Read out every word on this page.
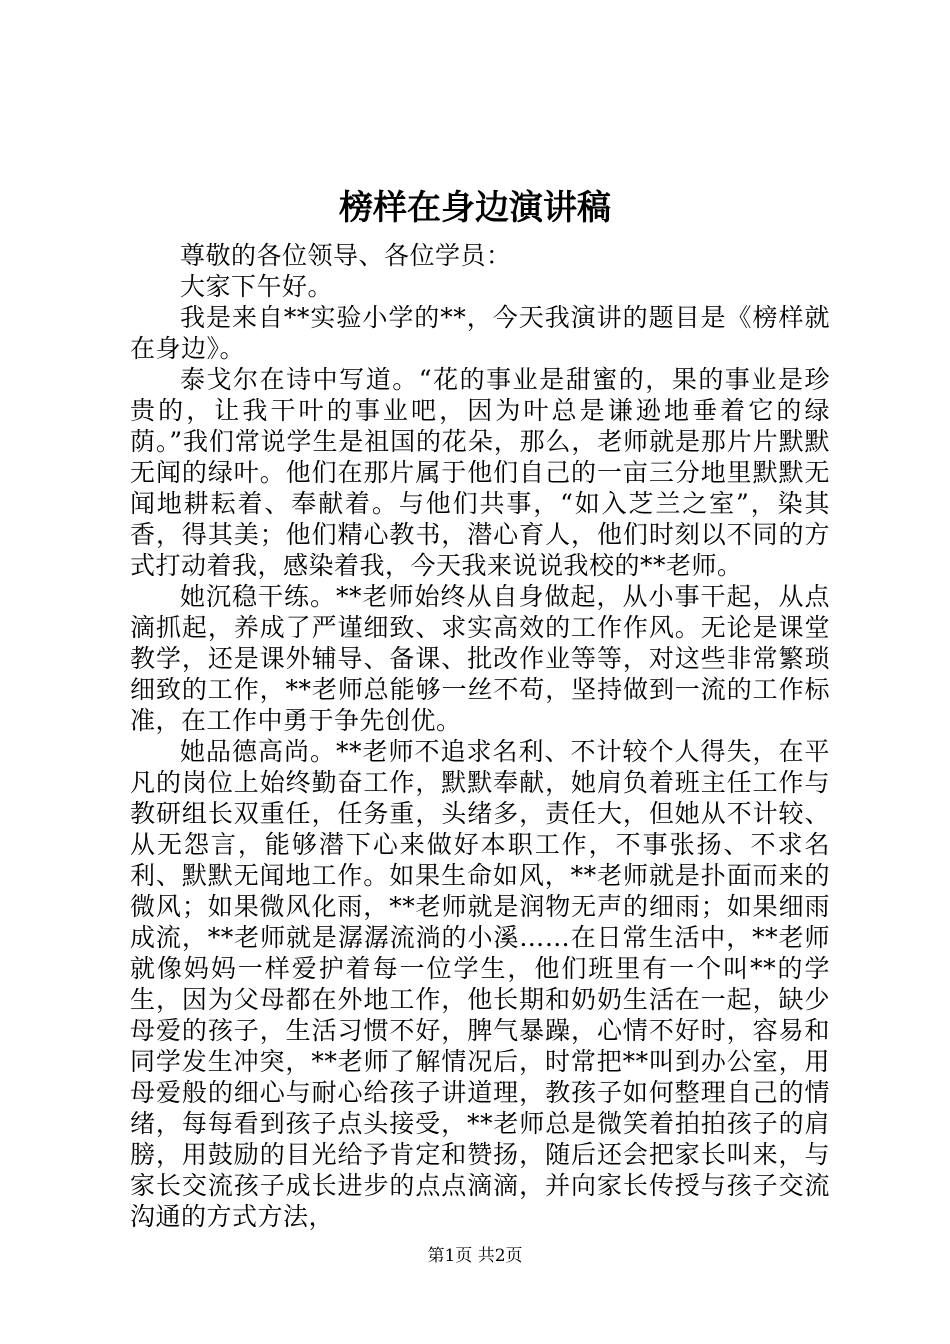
榜样在身边演讲稿

尊敬的各位领导、各位学员：

大家下午好。

我是来自**实验小学的**，今天我演讲的题目是《榜样就在身边》。

泰戈尔在诗中写道。“花的事业是甜蜜的，果的事业是珍贵的，让我干叶的事业吧，因为叶总是谦逊地垂着它的绿荫。”我们常说学生是祖国的花朵，那么，老师就是那片片默默无闻的绿叶。他们在那片属于他们自己的一亩三分地里默默无闻地耕耘着、奉献着。与他们共事，“如入芝兰之室”，染其香，得其美；他们精心教书，潜心育人，他们时刻以不同的方式打动着我，感染着我，今天我来说说我校的**老师。

她沉稳干练。**老师始终从自身做起，从小事干起，从点滴抓起，养成了严谨细致、求实高效的工作作风。无论是课堂教学，还是课外辅导、备课、批改作业等等，对这些非常繁琐细致的工作，**老师总能够一丝不苟，坚持做到一流的工作标准，在工作中勇于争先创优。

她品德高尚。**老师不追求名利、不计较个人得失，在平凡的岗位上始终勤奋工作，默默奉献，她肩负着班主任工作与教研组长双重任，任务重，头绪多，责任大，但她从不计较、从无怨言，能够潜下心来做好本职工作，不事张扬、不求名利、默默无闻地工作。如果生命如风，**老师就是扑面而来的微风；如果微风化雨，**老师就是润物无声的细雨；如果细雨成流，**老师就是潺潺流淌的小溪……在日常生活中，**老师就像妈妈一样爱护着每一位学生，他们班里有一个叫**的学生，因为父母都在外地工作，他长期和奶奶生活在一起，缺少母爱的孩子，生活习惯不好，脾气暴躁，心情不好时，容易和同学发生冲突，**老师了解情况后，时常把**叫到办公室，用母爱般的细心与耐心给孩子讲道理，教孩子如何整理自己的情绪，每每看到孩子点头接受，**老师总是微笑着拍拍孩子的肩膀，用鼓励的目光给予肯定和赞扬，随后还会把家长叫来，与家长交流孩子成长进步的点点滴滴，并向家长传授与孩子交流沟通的方式方法，

第1页 共2页
